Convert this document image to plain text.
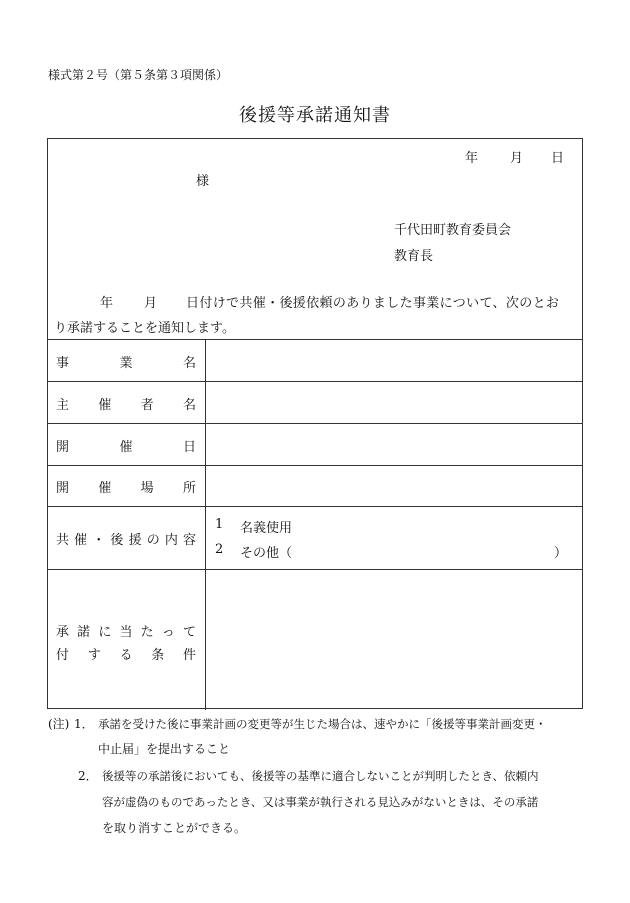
様式第２号（第５条第３項関係）
後援等承諾通知書
年 月 日
様
千代田町教育委員会
教育長
年 月 日付けで共催・後援依頼のありました事業について、次のとお
り承諾することを通知します。
事	業	名
主 催 者 名
開	催	日
開 催 場 所
共 催 ・ 後 援 の 内 容
1 名義使用
2 その他（	）
承 諾 に 当 た っ て
付 す る 条 件
(注) 1． 承諾を受けた後に事業計画の変更等が生じた場合は、速やかに「後援等事業計画変更・
中止届」を提出すること
2． 後援等の承諾後においても、後援等の基準に適合しないことが判明したとき、依頼内
容が虚偽のものであったとき、又は事業が執行される見込みがないときは、その承諾
を取り消すことができる。
